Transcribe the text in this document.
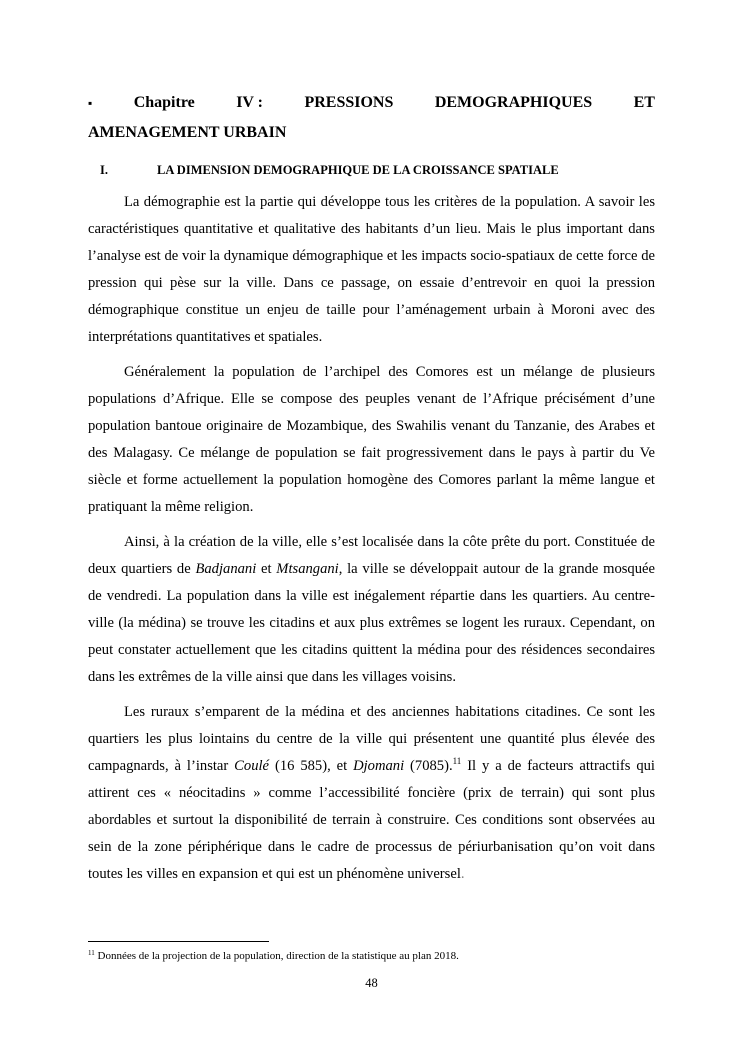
▪	Chapitre	IV :	PRESSIONS	DEMOGRAPHIQUES	ET
AMENAGEMENT URBAIN
I.	LA DIMENSION DEMOGRAPHIQUE DE LA CROISSANCE SPATIALE

La démographie est la partie qui développe tous les critères de la population. A savoir les caractéristiques quantitative et qualitative des habitants d’un lieu. Mais le plus important dans l’analyse est de voir la dynamique démographique et les impacts socio-spatiaux de cette force de pression qui pèse sur la ville. Dans ce passage, on essaie d’entrevoir en quoi la pression démographique constitue un enjeu de taille pour l’aménagement urbain à Moroni avec des interprétations quantitatives et spatiales.

Généralement la population de l’archipel des Comores est un mélange de plusieurs populations d’Afrique. Elle se compose des peuples venant de l’Afrique précisément d’une population bantoue originaire de Mozambique, des Swahilis venant du Tanzanie, des Arabes et des Malagasy. Ce mélange de population se fait progressivement dans le pays à partir du Ve siècle et forme actuellement la population homogène des Comores parlant la même langue et pratiquant la même religion.

Ainsi, à la création de la ville, elle s’est localisée dans la côte prête du port. Constituée de deux quartiers de Badjanani et Mtsangani, la ville se développait autour de la grande mosquée de vendredi. La population dans la ville est inégalement répartie dans les quartiers. Au centre-ville (la médina) se trouve les citadins et aux plus extrêmes se logent les ruraux. Cependant, on peut constater actuellement que les citadins quittent la médina pour des résidences secondaires dans les extrêmes de la ville ainsi que dans les villages voisins.

Les ruraux s’emparent de la médina et des anciennes habitations citadines. Ce sont les quartiers les plus lointains du centre de la ville qui présentent une quantité plus élevée des campagnards, à l’instar Coulé (16 585), et Djomani (7085).$^{11}$ Il y a de facteurs attractifs qui attirent ces « néocitadins » comme l’accessibilité foncière (prix de terrain) qui sont plus abordables et surtout la disponibilité de terrain à construire. Ces conditions sont observées au sein de la zone périphérique dans le cadre de processus de périurbanisation qu’on voit dans toutes les villes en expansion et qui est un phénomène universel.

$^{11}$ Données de la projection de la population, direction de la statistique au plan 2018.
48
